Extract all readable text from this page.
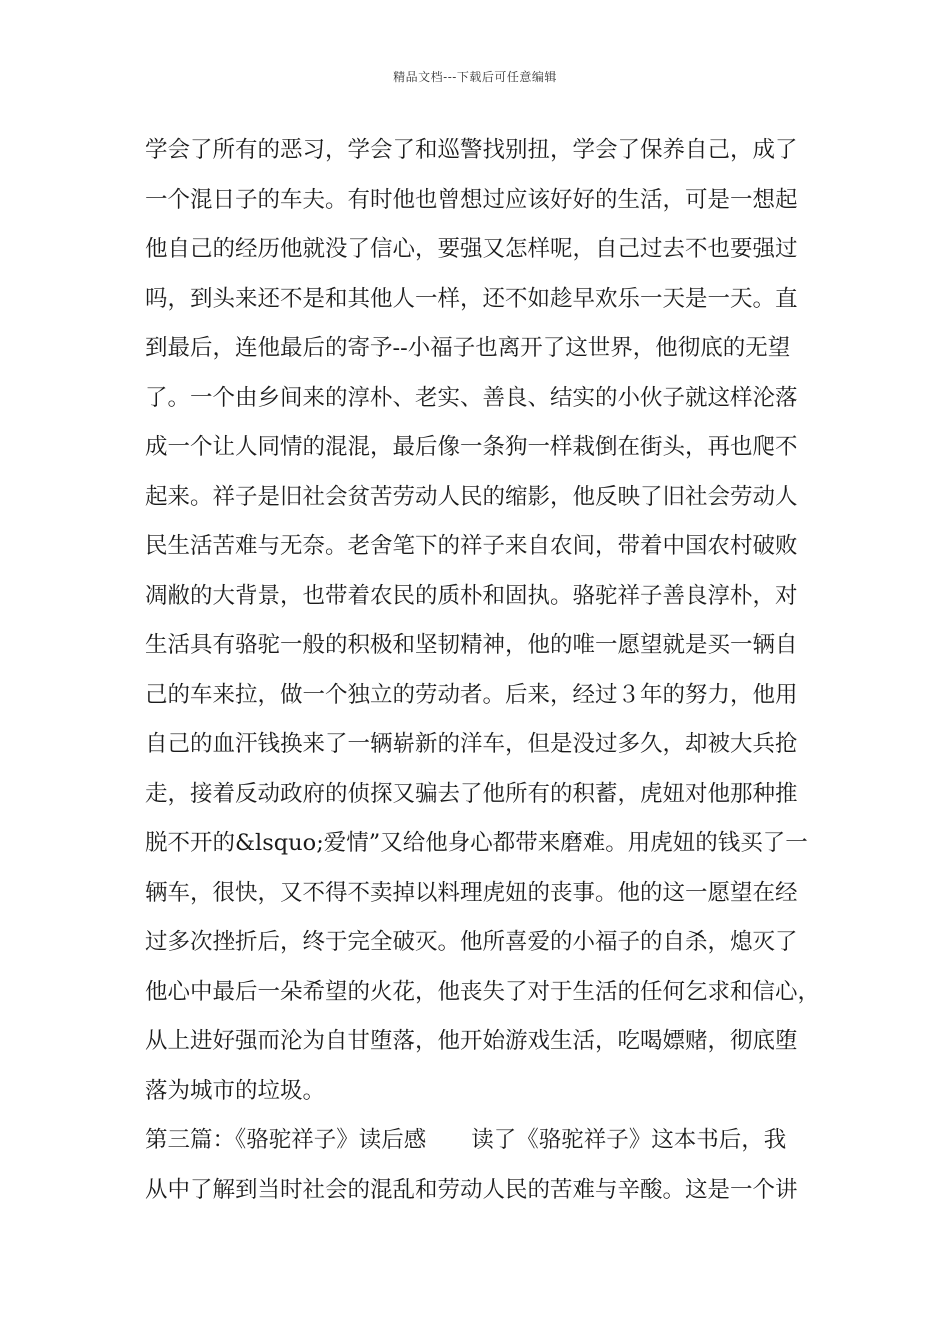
精品文档---下载后可任意编辑
学会了所有的恶习，学会了和巡警找别扭，学会了保养自己，成了
一个混日子的车夫。有时他也曾想过应该好好的生活，可是一想起
他自己的经历他就没了信心，要强又怎样呢，自己过去不也要强过
吗，到头来还不是和其他人一样，还不如趁早欢乐一天是一天。直
到最后，连他最后的寄予--小福子也离开了这世界，他彻底的无望
了。一个由乡间来的淳朴、老实、善良、结实的小伙子就这样沦落
成一个让人同情的混混，最后像一条狗一样栽倒在街头，再也爬不
起来。祥子是旧社会贫苦劳动人民的缩影，他反映了旧社会劳动人
民生活苦难与无奈。老舍笔下的祥子来自农间，带着中国农村破败
凋敝的大背景，也带着农民的质朴和固执。骆驼祥子善良淳朴，对
生活具有骆驼一般的积极和坚韧精神，他的唯一愿望就是买一辆自
己的车来拉，做一个独立的劳动者。后来，经过３年的努力，他用
自己的血汗钱换来了一辆崭新的洋车，但是没过多久，却被大兵抢
走，接着反动政府的侦探又骗去了他所有的积蓄，虎妞对他那种推
脱不开的&lsquo;爱情”又给他身心都带来磨难。用虎妞的钱买了一
辆车，很快，又不得不卖掉以料理虎妞的丧事。他的这一愿望在经
过多次挫折后，终于完全破灭。他所喜爱的小福子的自杀，熄灭了
他心中最后一朵希望的火花，他丧失了对于生活的任何乞求和信心，
从上进好强而沦为自甘堕落，他开始游戏生活，吃喝嫖赌，彻底堕
落为城市的垃圾。
第三篇：《骆驼祥子》读后感　　读了《骆驼祥子》这本书后，我
从中了解到当时社会的混乱和劳动人民的苦难与辛酸。这是一个讲
